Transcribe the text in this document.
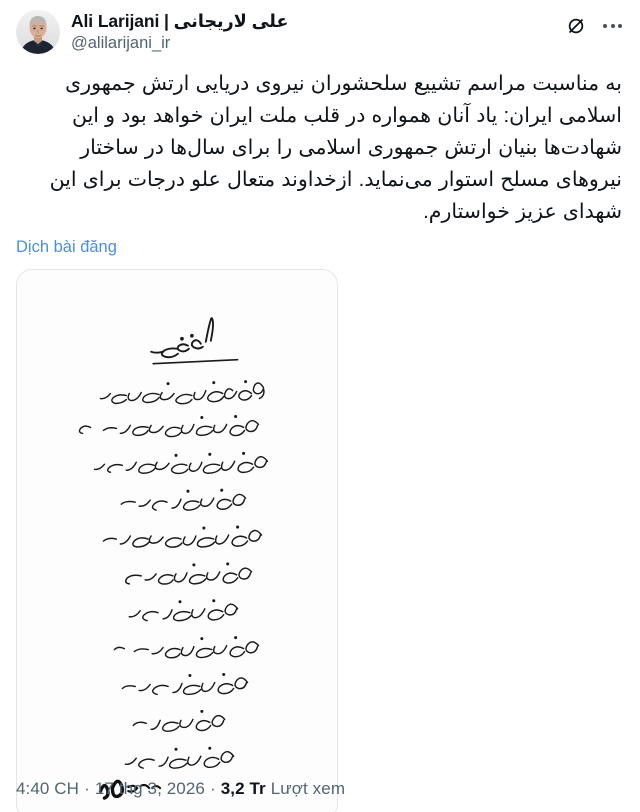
Ali Larijani | علی لاریجانی
@alilarijani_ir
به مناسبت مراسم تشییع سلحشوران نیروی دریایی ارتش جمهوری اسلامی ایران: یاد آنان همواره در قلب ملت ایران خواهد بود و این شهادت‌ها بنیان ارتش جمهوری اسلامی را برای سال‌ها در ساختار نیروهای مسلح استوار می‌نماید. ازخداوند متعال علو درجات برای این شهدای عزیز خواستارم.
Dịch bài đăng
4:40 CH · 17 thg 3, 2026 · 3,2 Tr Lượt xem
